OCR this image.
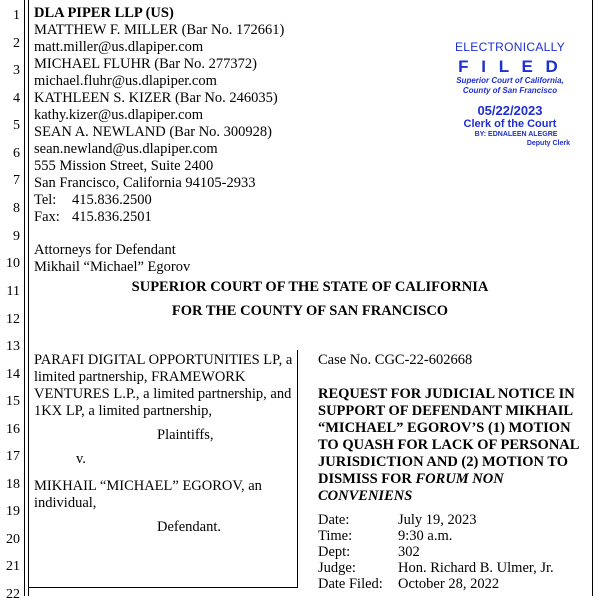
1
2
3
4
5
6
7
8
9
10
11
12
13
14
15
16
17
18
19
20
21
22
DLA PIPER LLP (US)
MATTHEW F. MILLER (Bar No. 172661)
matt.miller@us.dlapiper.com
MICHAEL FLUHR (Bar No. 277372)
michael.fluhr@us.dlapiper.com
KATHLEEN S. KIZER (Bar No. 246035)
kathy.kizer@us.dlapiper.com
SEAN A. NEWLAND (Bar No. 300928)
sean.newland@us.dlapiper.com
555 Mission Street, Suite 2400
San Francisco, California 94105-2933
Tel: 415.836.2500
Fax: 415.836.2501
Attorneys for Defendant
Mikhail “Michael” Egorov
ELECTRONICALLY
F I L E D
Superior Court of California,
County of San Francisco
05/22/2023
Clerk of the Court
BY: EDNALEEN ALEGRE
Deputy Clerk
SUPERIOR COURT OF THE STATE OF CALIFORNIA
FOR THE COUNTY OF SAN FRANCISCO
PARAFI DIGITAL OPPORTUNITIES LP, a
limited partnership, FRAMEWORK
VENTURES L.P., a limited partnership, and
1KX LP, a limited partnership,
Plaintiffs,
v.
MIKHAIL “MICHAEL” EGOROV, an
individual,
Defendant.
Case No. CGC-22-602668
REQUEST FOR JUDICIAL NOTICE IN
SUPPORT OF DEFENDANT MIKHAIL
“MICHAEL” EGOROV’S (1) MOTION
TO QUASH FOR LACK OF PERSONAL
JURISDICTION AND (2) MOTION TO
DISMISS FOR FORUM NON
CONVENIENS
Date:	July 19, 2023
Time:	9:30 a.m.
Dept:	302
Judge:	Hon. Richard B. Ulmer, Jr.
Date Filed: October 28, 2022
